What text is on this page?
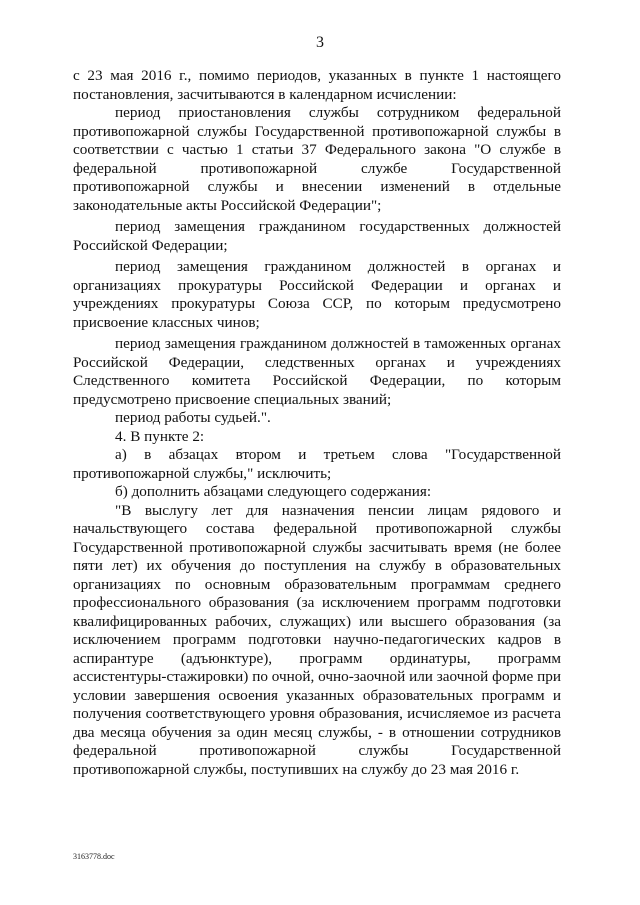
3

с 23 мая 2016 г., помимо периодов, указанных в пункте 1 настоящего постановления, засчитываются в календарном исчислении:

период приостановления службы сотрудником федеральной противопожарной службы Государственной противопожарной службы в соответствии с частью 1 статьи 37 Федерального закона "О службе в федеральной противопожарной службе Государственной противопожарной службы и внесении изменений в отдельные законодательные акты Российской Федерации";

период замещения гражданином государственных должностей Российской Федерации;

период замещения гражданином должностей в органах и организациях прокуратуры Российской Федерации и органах и учреждениях прокуратуры Союза ССР, по которым предусмотрено присвоение классных чинов;

период замещения гражданином должностей в таможенных органах Российской Федерации, следственных органах и учреждениях Следственного комитета Российской Федерации, по которым предусмотрено присвоение специальных званий;

период работы судьей.".

4. В пункте 2:

а) в абзацах втором и третьем слова "Государственной противопожарной службы," исключить;

б) дополнить абзацами следующего содержания:

"В выслугу лет для назначения пенсии лицам рядового и начальствующего состава федеральной противопожарной службы Государственной противопожарной службы засчитывать время (не более пяти лет) их обучения до поступления на службу в образовательных организациях по основным образовательным программам среднего профессионального образования (за исключением программ подготовки квалифицированных рабочих, служащих) или высшего образования (за исключением программ подготовки научно-педагогических кадров в аспирантуре (адъюнктуре), программ ординатуры, программ ассистентуры-стажировки) по очной, очно-заочной или заочной форме при условии завершения освоения указанных образовательных программ и получения соответствующего уровня образования, исчисляемое из расчета два месяца обучения за один месяц службы, - в отношении сотрудников федеральной противопожарной службы Государственной противопожарной службы, поступивших на службу до 23 мая 2016 г.

3163778.doc
